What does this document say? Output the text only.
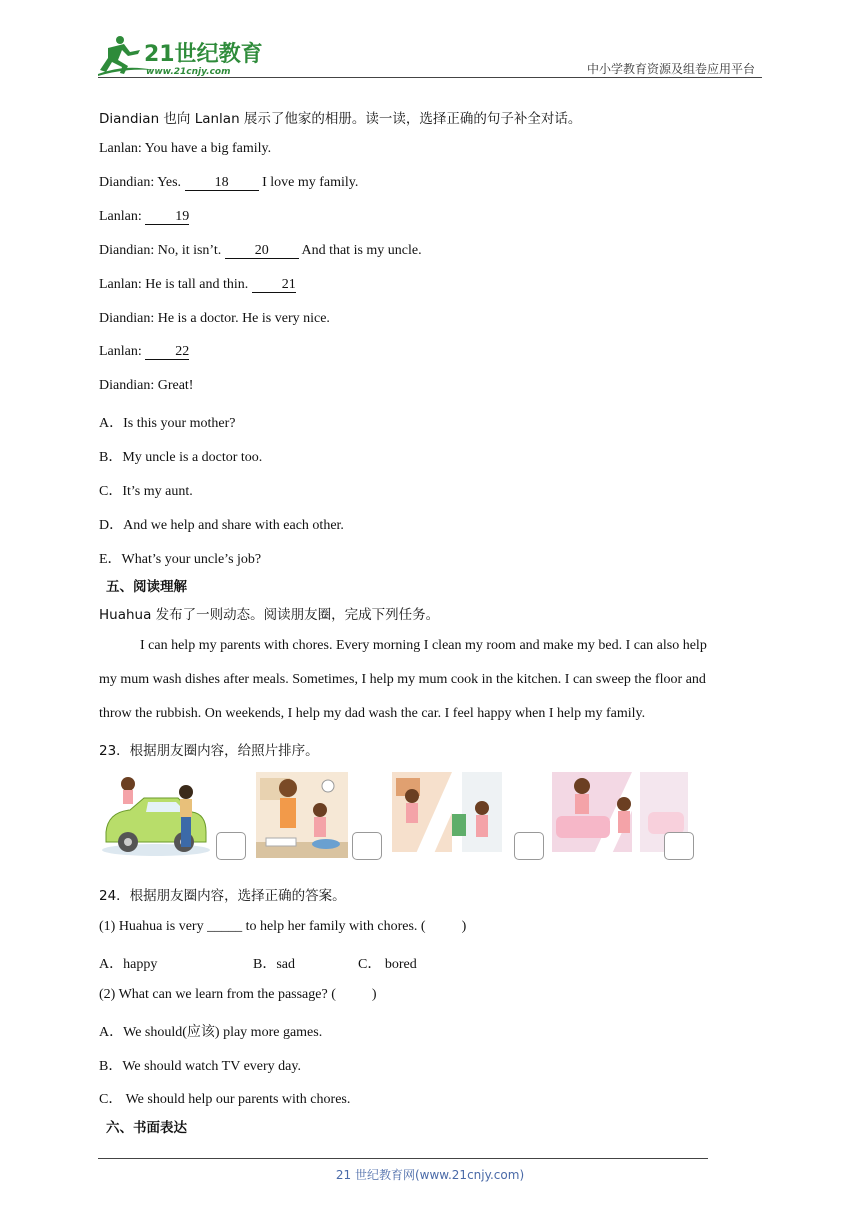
21世纪教育
www.21cnjy.com	中小学教育资源及组卷应用平台
Diandian 也向 Lanlan 展示了他家的相册。读一读，选择正确的句子补全对话。
Lanlan: You have a big family.
Diandian: Yes. 18 I love my family.
Lanlan: 19
Diandian: No, it isn’t. 20 And that is my uncle.
Lanlan: He is tall and thin. 21
Diandian: He is a doctor. He is very nice.
Lanlan: 22
Diandian: Great!
A．Is this your mother?
B．My uncle is a doctor too.
C．It’s my aunt.
D．And we help and share with each other.
E．What’s your uncle’s job?
五、阅读理解
Huahua 发布了一则动态。阅读朋友圈，完成下列任务。
I can help my parents with chores. Every morning I clean my room and make my bed. I can also help
my mum wash dishes after meals. Sometimes, I help my mum cook in the kitchen. I can sweep the floor and
throw the rubbish. On weekends, I help my dad wash the car. I feel happy when I help my family.
23．根据朋友圈内容，给照片排序。
24．根据朋友圈内容，选择正确的答案。
(1) Huahua is very _____ to help her family with chores. (	)
A．happy	B．sad	C． bored
(2) What can we learn from the passage? (	)
A．We should(应该) play more games.
B．We should watch TV every day.
C． We should help our parents with chores.
六、书面表达
21 世纪教育网(www.21cnjy.com)
